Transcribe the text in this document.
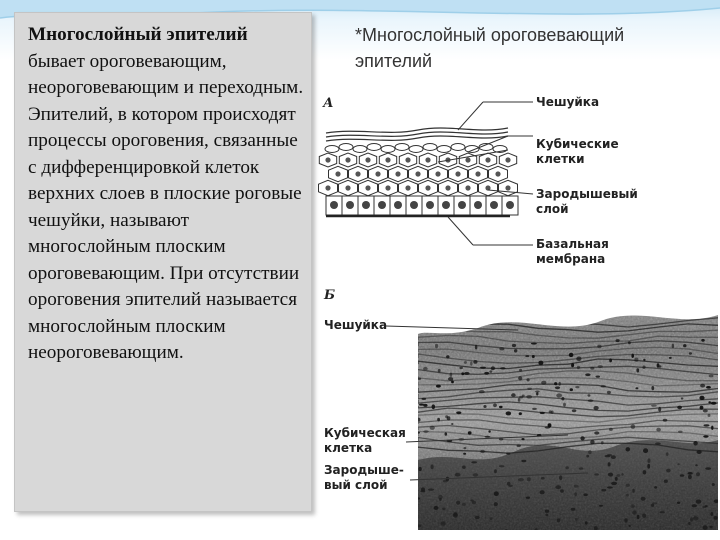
Многослойный эпителий бывает ороговевающим, неороговевающим и переходным. Эпителий, в котором происходят процессы ороговения, связанные с дифференцировкой клеток верхних слоев в плоские роговые чешуйки, называют многослойным плоским ороговевающим. При отсутствии ороговения эпителий называется многослойным плоским неороговевающим.
*Многослойный ороговевающий эпителий
А	Чешуйка
Кубические клетки
Зародышевый слой
Базальная мембрана
Б
Чешуйка
Кубическая клетка
Зародыше-вый слой
